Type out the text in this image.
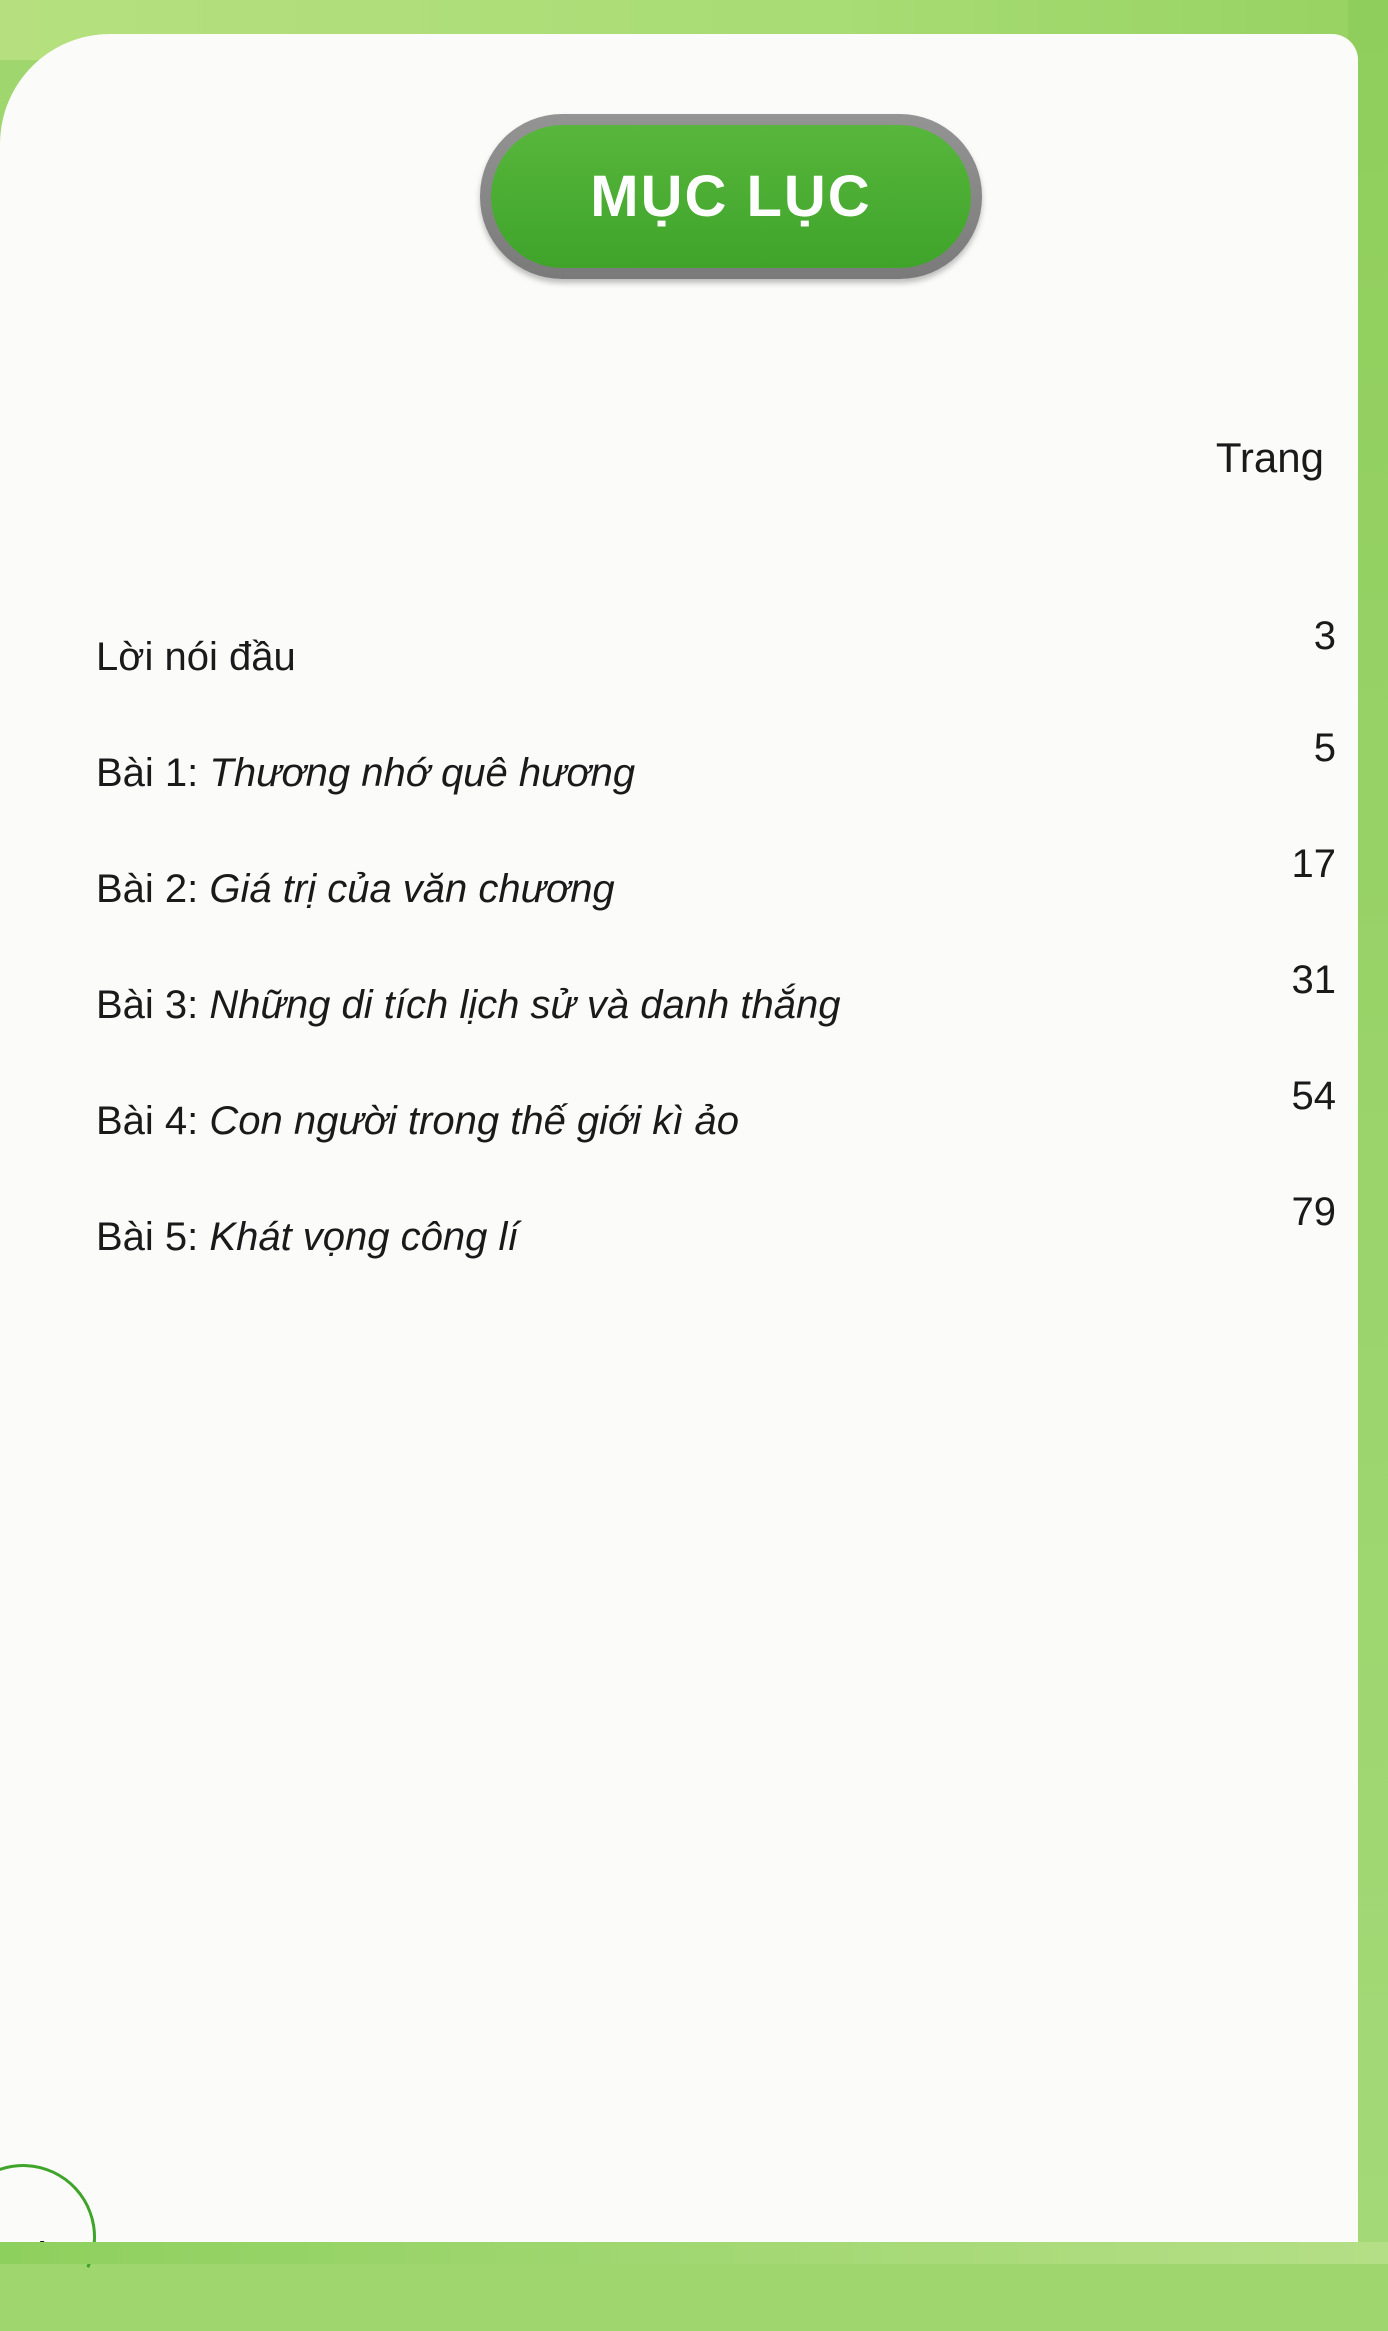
MỤC LỤC
Trang
Lời nói đầu	3
Bài 1: Thương nhớ quê hương
5
Bài 2: Giá trị của văn chương
17
Bài 3: Những di tích lịch sử và danh thắng
31
Bài 4: Con người trong thế giới kì ảo
54
Bài 5: Khát vọng công lí
79
